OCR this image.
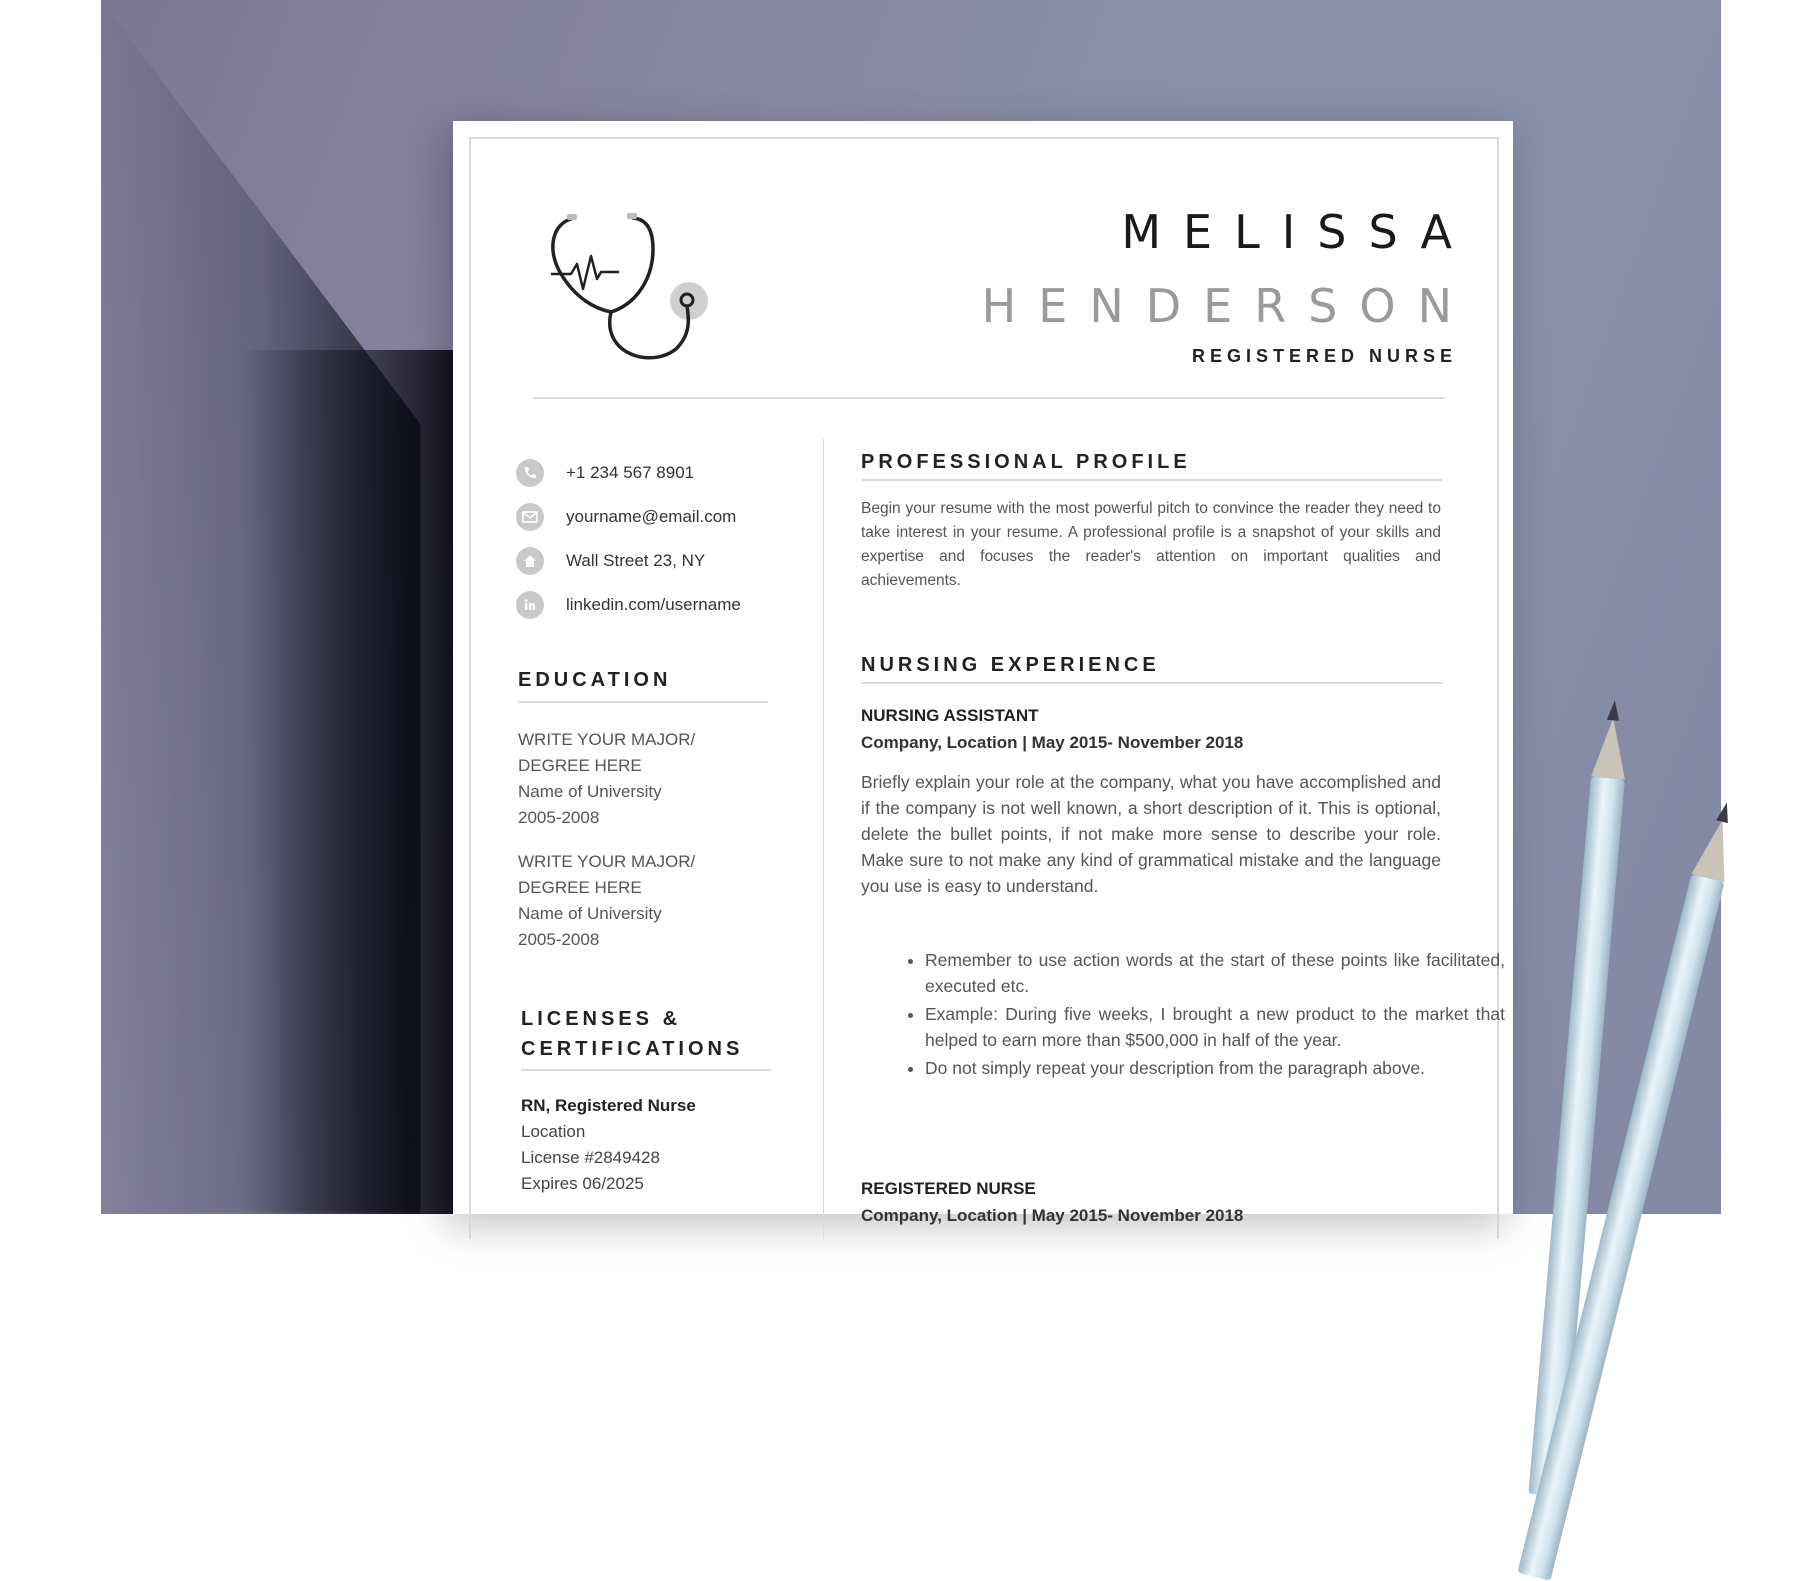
MELISSA
HENDERSON
REGISTERED NURSE
+1 234 567 8901
yourname@email.com
Wall Street 23, NY
linkedin.com/username
EDUCATION
WRITE YOUR MAJOR/
DEGREE HERE
Name of University
2005-2008
WRITE YOUR MAJOR/
DEGREE HERE
Name of University
2005-2008
LICENSES &
CERTIFICATIONS
RN, Registered Nurse
Location
License #2849428
Expires 06/2025
PROFESSIONAL PROFILE
Begin your resume with the most powerful pitch to convince the reader they need to take interest in your resume. A professional profile is a snapshot of your skills and expertise and focuses the reader's attention on important qualities and achievements.
NURSING EXPERIENCE
NURSING ASSISTANT
Company, Location | May 2015- November 2018
Briefly explain your role at the company, what you have accomplished and if the company is not well known, a short description of it. This is optional, delete the bullet points, if not make more sense to describe your role. Make sure to not make any kind of grammatical mistake and the language you use is easy to understand.
• Remember to use action words at the start of these points like facilitated, executed etc.
• Example: During five weeks, I brought a new product to the market that helped to earn more than $500,000 in half of the year.
• Do not simply repeat your description from the paragraph above.
REGISTERED NURSE
Company, Location | May 2015- November 2018
